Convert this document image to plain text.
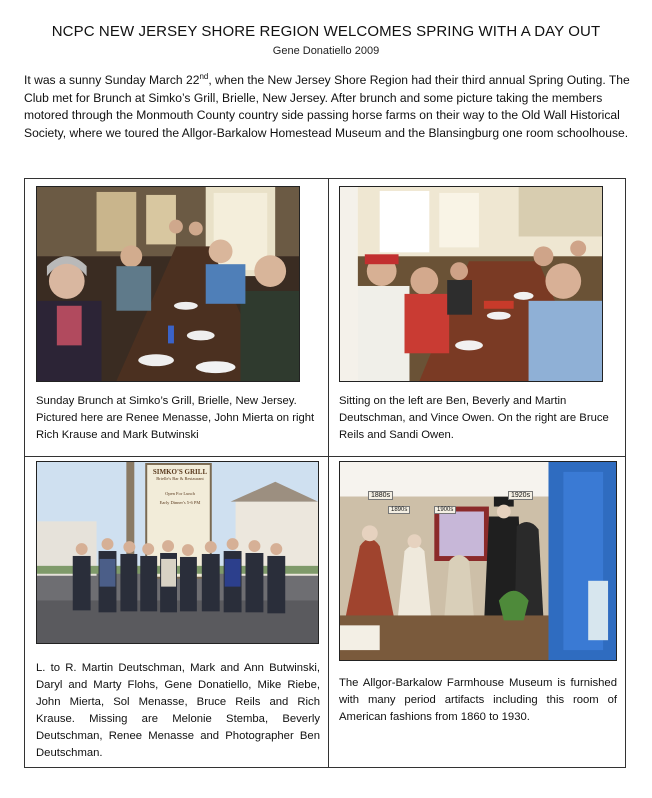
NCPC NEW JERSEY SHORE REGION WELCOMES SPRING WITH A DAY OUT
Gene Donatiello 2009
It was a sunny Sunday March 22nd, when the New Jersey Shore Region had their third annual Spring Outing. The Club met for Brunch at Simko’s Grill, Brielle, New Jersey. After brunch and some picture taking the members motored through the Monmouth County country side passing horse farms on their way to the Old Wall Historical Society, where we toured the Allgor-Barkalow Homestead Museum and the Blansingburg one room schoolhouse.
Sunday Brunch at Simko’s Grill, Brielle, New Jersey. Pictured here are Renee Menasse, John Mierta on right Rich Krause and Mark Butwinski
Sitting on the left are Ben, Beverly and Martin Deutschman, and Vince Owen. On the right are Bruce Reils and Sandi Owen.
SIMKO'S GRILL
Brielle's Bar & Restaurant
Open For Lunch
Early Dinner's 5-6 PM
L. to R. Martin Deutschman, Mark and Ann Butwinski, Daryl and Marty Flohs, Gene Donatiello, Mike Riebe, John Mierta, Sol Menasse, Bruce Reils and Rich Krause. Missing are Melonie Stemba, Beverly Deutschman, Renee Menasse and Photographer Ben Deutschman.
1880s
1890s	1900s
1920s
The Allgor-Barkalow Farmhouse Museum is furnished with many period artifacts including this room of American fashions from 1860 to 1930.
